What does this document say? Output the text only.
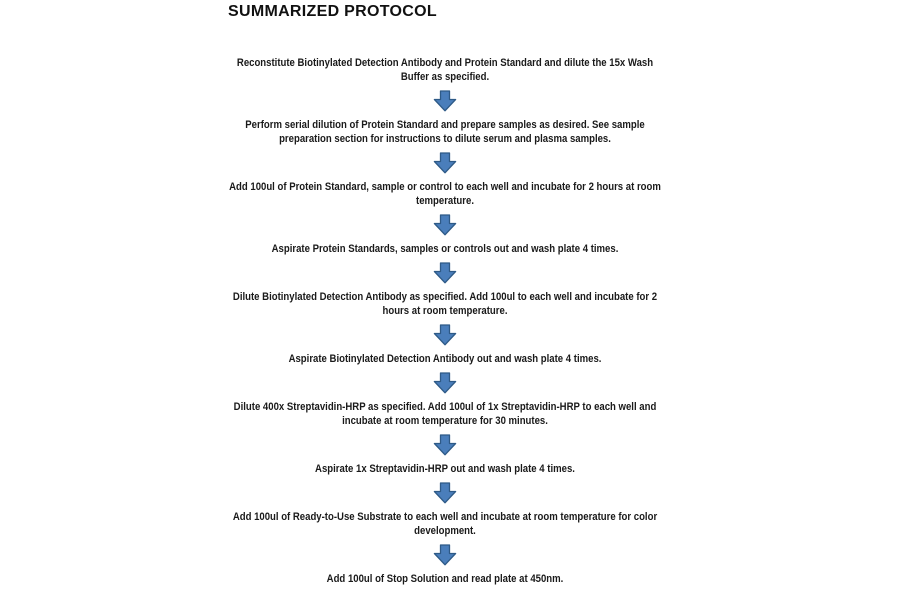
SUMMARIZED PROTOCOL
Reconstitute Biotinylated Detection Antibody and Protein Standard and dilute the 15x Wash Buffer as specified.
Perform serial dilution of Protein Standard and prepare samples as desired. See sample preparation section for instructions to dilute serum and plasma samples.
Add 100ul of Protein Standard, sample or control to each well and incubate for 2 hours at room temperature.
Aspirate Protein Standards, samples or controls out and wash plate 4 times.
Dilute Biotinylated Detection Antibody as specified. Add 100ul to each well and incubate for 2 hours at room temperature.
Aspirate Biotinylated Detection Antibody out and wash plate 4 times.
Dilute 400x Streptavidin-HRP as specified. Add 100ul of 1x Streptavidin-HRP to each well and incubate at room temperature for 30 minutes.
Aspirate 1x Streptavidin-HRP out and wash plate 4 times.
Add 100ul of Ready-to-Use Substrate to each well and incubate at room temperature for color development.
Add 100ul of Stop Solution and read plate at 450nm.
